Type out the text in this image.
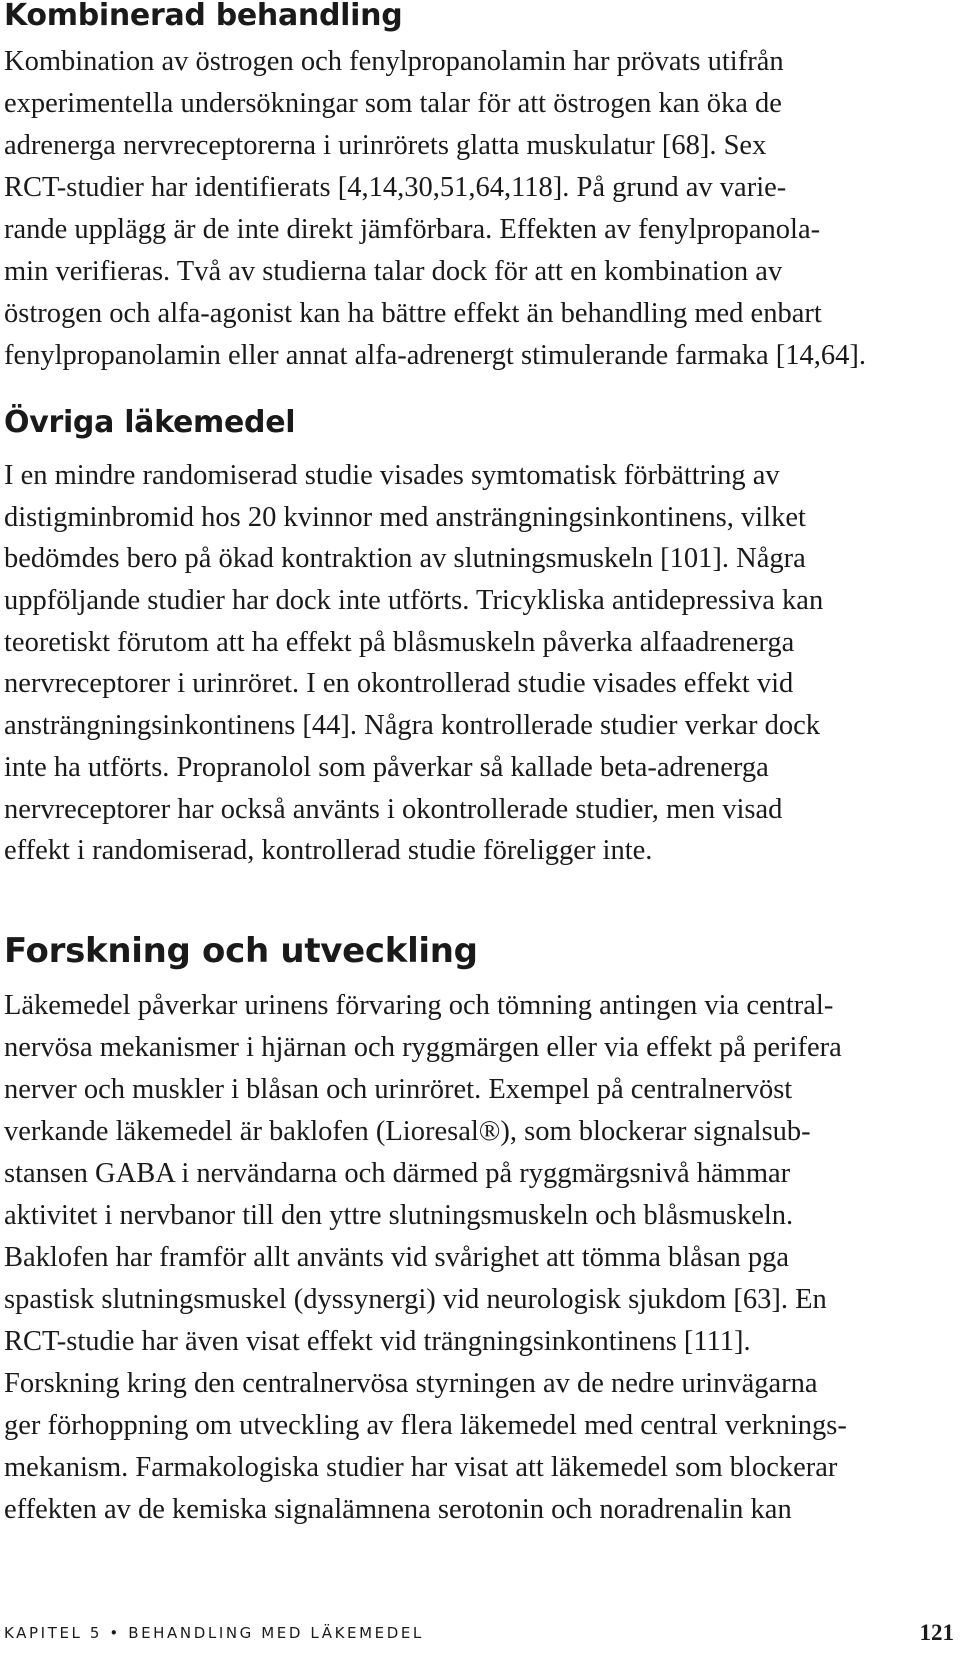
Kombinerad behandling
Kombination av östrogen och fenylpropanolamin har prövats utifrån
experimentella undersökningar som talar för att östrogen kan öka de
adrenerga nervreceptorerna i urinrörets glatta muskulatur [68]. Sex
RCT-studier har identifierats [4,14,30,51,64,118]. På grund av varie-
rande upplägg är de inte direkt jämförbara. Effekten av fenylpropanola-
min verifieras. Två av studierna talar dock för att en kombination av
östrogen och alfa-agonist kan ha bättre effekt än behandling med enbart
fenylpropanolamin eller annat alfa-adrenergt stimulerande farmaka [14,64].
Övriga läkemedel
I en mindre randomiserad studie visades symtomatisk förbättring av
distigminbromid hos 20 kvinnor med ansträngningsinkontinens, vilket
bedömdes bero på ökad kontraktion av slutningsmuskeln [101]. Några
uppföljande studier har dock inte utförts. Tricykliska antidepressiva kan
teoretiskt förutom att ha effekt på blåsmuskeln påverka alfaadrenerga
nervreceptorer i urinröret. I en okontrollerad studie visades effekt vid
ansträngningsinkontinens [44]. Några kontrollerade studier verkar dock
inte ha utförts. Propranolol som påverkar så kallade beta-adrenerga
nervreceptorer har också använts i okontrollerade studier, men visad
effekt i randomiserad, kontrollerad studie föreligger inte.
Forskning och utveckling
Läkemedel påverkar urinens förvaring och tömning antingen via central-
nervösa mekanismer i hjärnan och ryggmärgen eller via effekt på perifera
nerver och muskler i blåsan och urinröret. Exempel på centralnervöst
verkande läkemedel är baklofen (Lioresal®), som blockerar signalsub-
stansen GABA i nervändarna och därmed på ryggmärgsnivå hämmar
aktivitet i nervbanor till den yttre slutningsmuskeln och blåsmuskeln.
Baklofen har framför allt använts vid svårighet att tömma blåsan pga
spastisk slutningsmuskel (dyssynergi) vid neurologisk sjukdom [63]. En
RCT-studie har även visat effekt vid trängningsinkontinens [111].
Forskning kring den centralnervösa styrningen av de nedre urinvägarna
ger förhoppning om utveckling av flera läkemedel med central verknings-
mekanism. Farmakologiska studier har visat att läkemedel som blockerar
effekten av de kemiska signalämnena serotonin och noradrenalin kan
KAPITEL 5 • BEHANDLING MED LÄKEMEDEL	121
